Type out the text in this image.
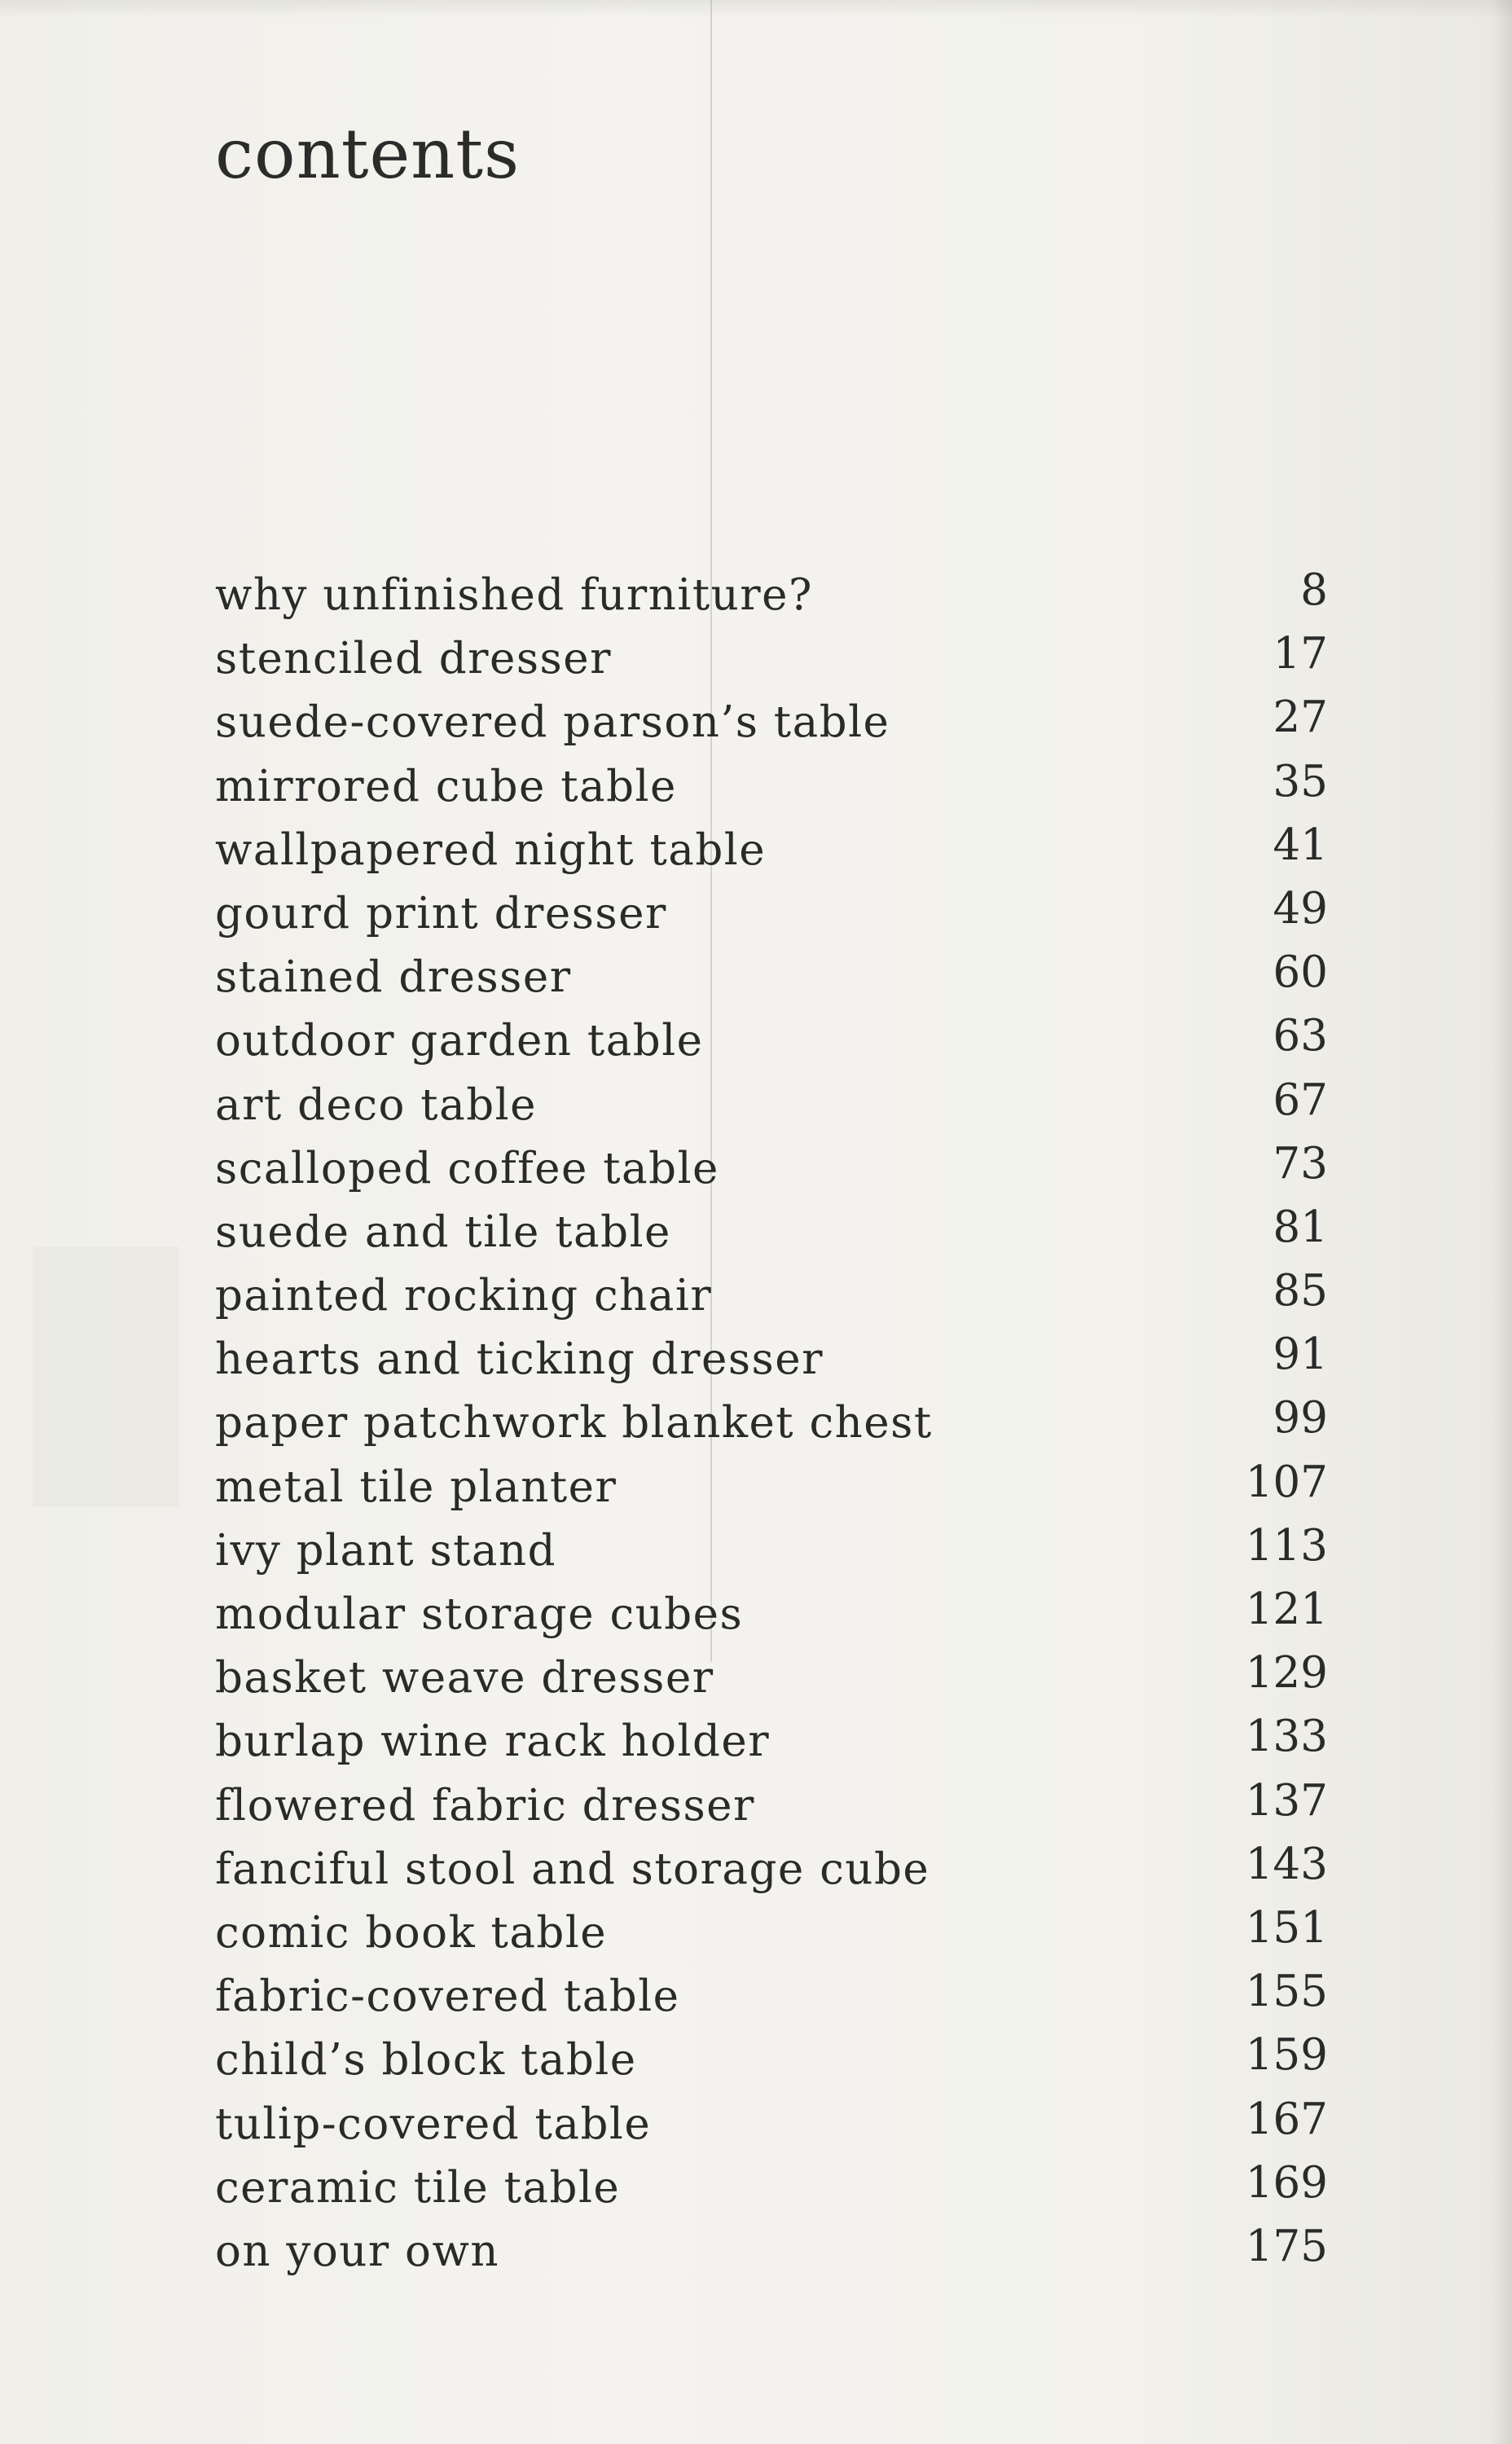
contents
why unfinished furniture?	8
stenciled dresser	17
suede-covered parson’s table	27
mirrored cube table	35
wallpapered night table	41
gourd print dresser	49
stained dresser	60
outdoor garden table	63
art deco table	67
scalloped coffee table	73
suede and tile table	81
painted rocking chair	85
hearts and ticking dresser	91
paper patchwork blanket chest	99
metal tile planter	107
ivy plant stand	113
modular storage cubes	121
basket weave dresser	129
burlap wine rack holder	133
flowered fabric dresser	137
fanciful stool and storage cube	143
comic book table	151
fabric-covered table	155
child’s block table	159
tulip-covered table	167
ceramic tile table	169
on your own	175
